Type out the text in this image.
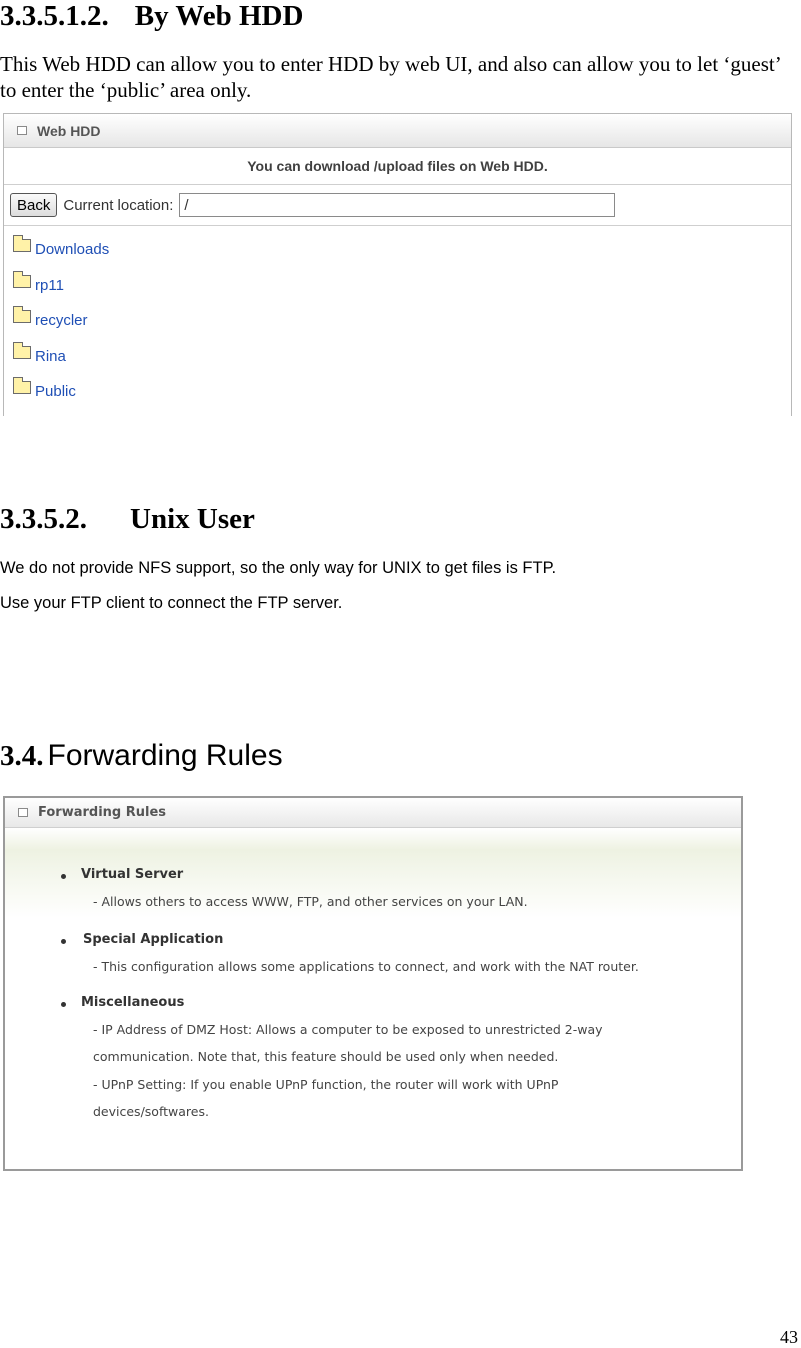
3.3.5.1.2. By Web HDD
This Web HDD can allow you to enter HDD by web UI, and also can allow you to let ‘guest’ to enter the ‘public’ area only.
Web HDD
You can download /upload files on Web HDD.
Back Current location:
/
Downloads
rp11
recycler
Rina
Public
3.3.5.2. Unix User
We do not provide NFS support, so the only way for UNIX to get files is FTP.
Use your FTP client to connect the FTP server.
3.4. Forwarding Rules
Forwarding Rules
Virtual Server
- Allows others to access WWW, FTP, and other services on your LAN.
Special Application
- This configuration allows some applications to connect, and work with the NAT router.
Miscellaneous
- IP Address of DMZ Host: Allows a computer to be exposed to unrestricted 2-way
communication. Note that, this feature should be used only when needed.
- UPnP Setting: If you enable UPnP function, the router will work with UPnP
devices/softwares.
43
